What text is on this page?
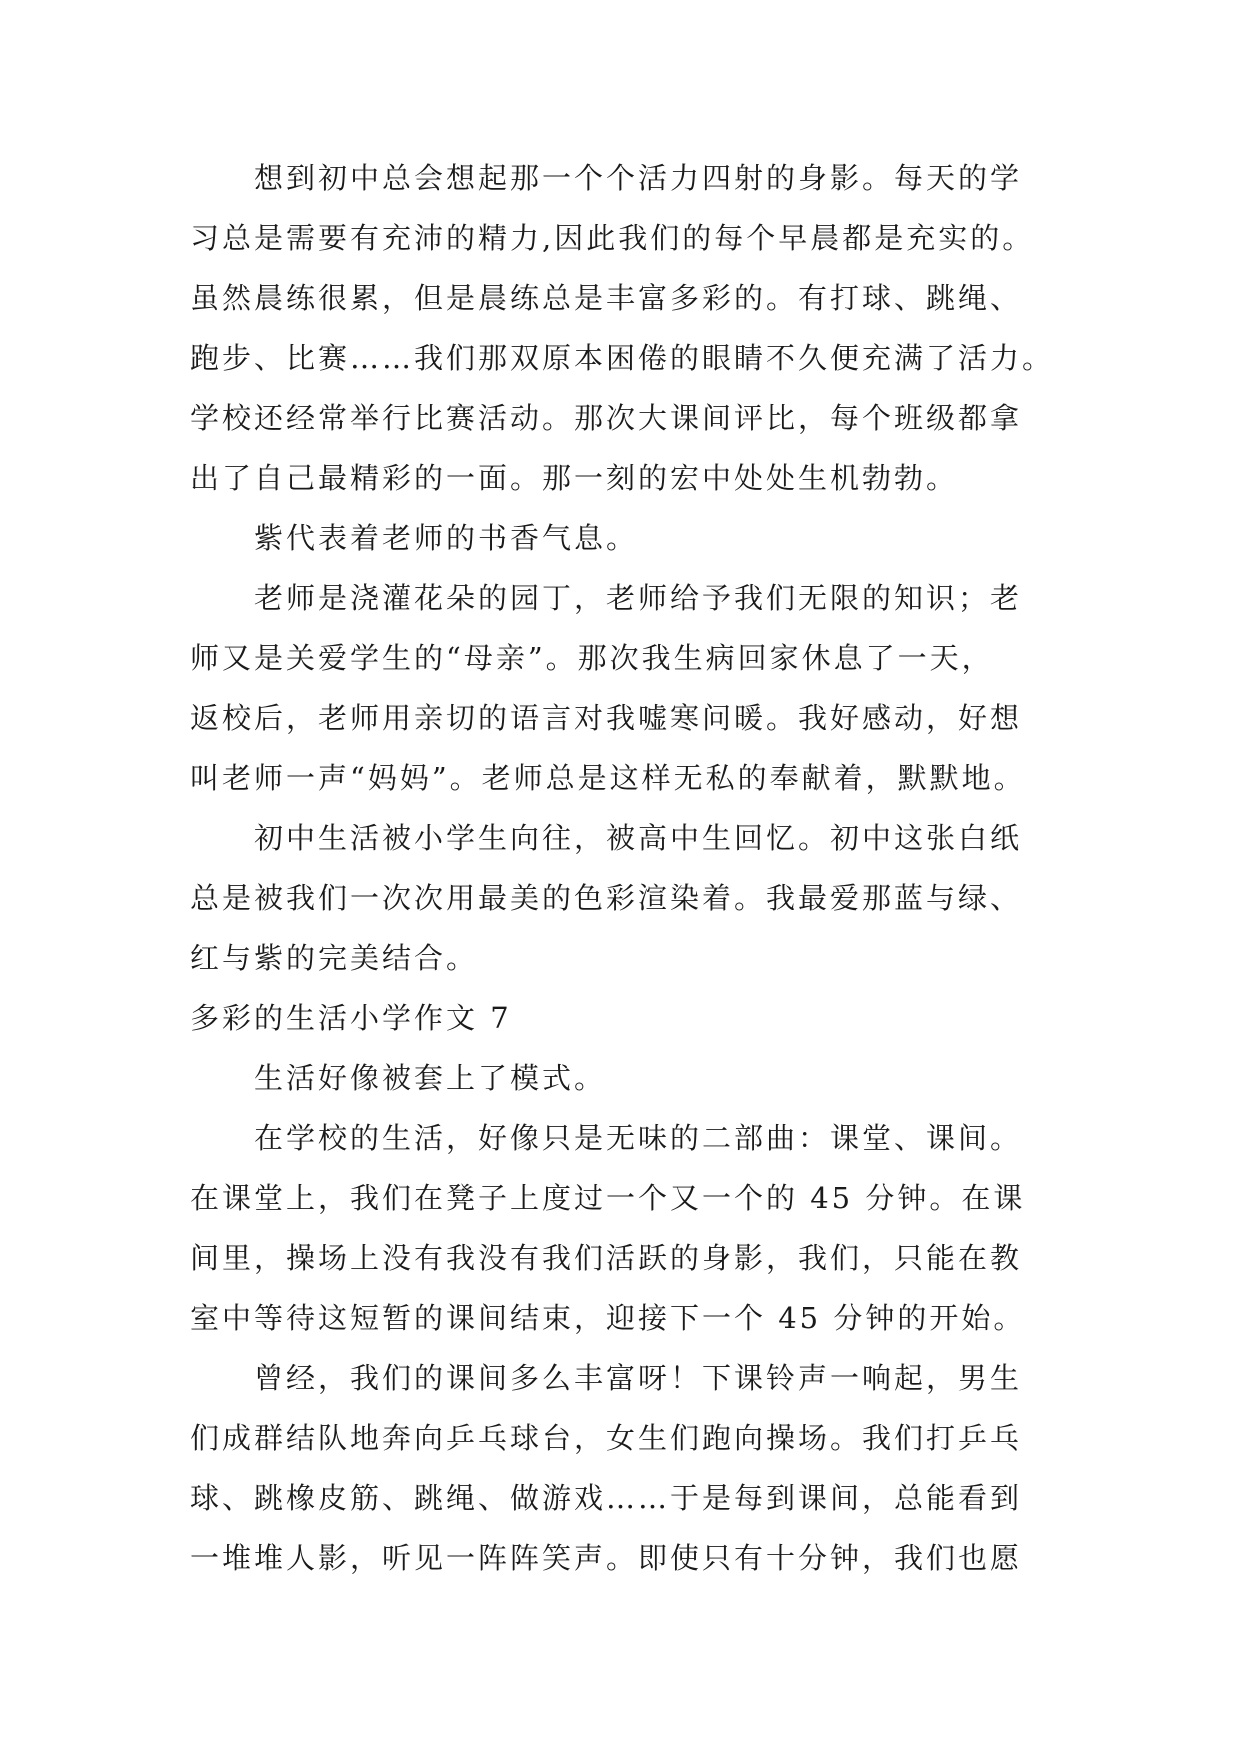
想到初中总会想起那一个个活力四射的身影。每天的学
习总是需要有充沛的精力,因此我们的每个早晨都是充实的。
虽然晨练很累，但是晨练总是丰富多彩的。有打球、跳绳、
跑步、比赛……我们那双原本困倦的眼睛不久便充满了活力。
学校还经常举行比赛活动。那次大课间评比，每个班级都拿
出了自己最精彩的一面。那一刻的宏中处处生机勃勃。
紫代表着老师的书香气息。
老师是浇灌花朵的园丁，老师给予我们无限的知识；老
师又是关爱学生的“母亲”。那次我生病回家休息了一天，
返校后，老师用亲切的语言对我嘘寒问暖。我好感动，好想
叫老师一声“妈妈”。老师总是这样无私的奉献着，默默地。
初中生活被小学生向往，被高中生回忆。初中这张白纸
总是被我们一次次用最美的色彩渲染着。我最爱那蓝与绿、
红与紫的完美结合。
多彩的生活小学作文 7
生活好像被套上了模式。
在学校的生活，好像只是无味的二部曲：课堂、课间。
在课堂上，我们在凳子上度过一个又一个的 45 分钟。在课
间里，操场上没有我没有我们活跃的身影，我们，只能在教
室中等待这短暂的课间结束，迎接下一个 45 分钟的开始。
曾经，我们的课间多么丰富呀！下课铃声一响起，男生
们成群结队地奔向乒乓球台，女生们跑向操场。我们打乒乓
球、跳橡皮筋、跳绳、做游戏……于是每到课间，总能看到
一堆堆人影，听见一阵阵笑声。即使只有十分钟，我们也愿
